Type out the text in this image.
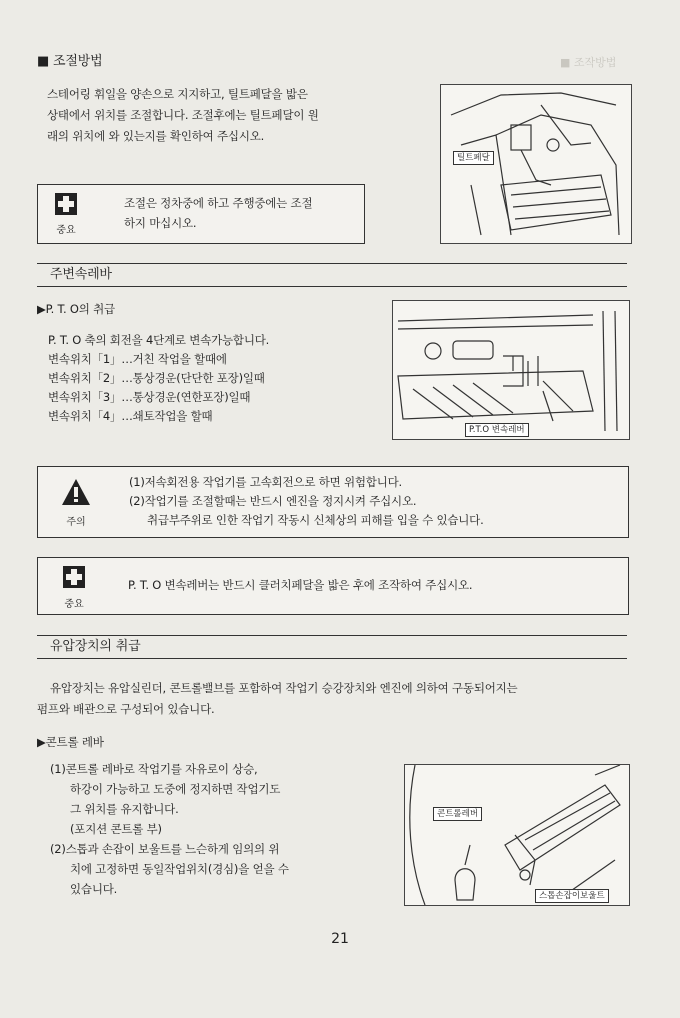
■ 조작방법
■ 조절방법
스테어링 휘일을 양손으로 지지하고, 틸트페달을 밟은
상태에서 위치를 조절합니다. 조절후에는 틸트페달이 원
래의 위치에 와 있는지를 확인하여 주십시오.
틸트페달
중요
조절은 정차중에 하고 주행중에는 조절
하지 마십시오.
주변속레바
▶P. T. O의 취급
P. T. O 축의 회전을 4단계로 변속가능합니다.
변속위치「1」…거친 작업을 할때에
변속위치「2」…통상경운(단단한 포장)일때
변속위치「3」…통상경운(연한포장)일때
변속위치「4」…쇄토작업을 할때
P.T.O 변속레버
주의
(1)저속회전용 작업기를 고속회전으로 하면 위험합니다.
(2)작업기를 조절할때는 반드시 엔진을 정지시켜 주십시오.
취급부주위로 인한 작업기 작동시 신체상의 피해를 입을 수 있습니다.
중요
P. T. O 변속레버는 반드시 클러치페달을 밟은 후에 조작하여 주십시오.
유압장치의 취급
유압장치는 유압실린더, 콘트롤밸브를 포함하여 작업기 승강장치와 엔진에 의하여 구동되어지는
펌프와 배관으로 구성되어 있습니다.
▶콘트롤 레바
(1)콘트롤 레바로 작업기를 자유로이 상승,
하강이 가능하고 도중에 정지하면 작업기도
그 위치를 유지합니다.
(포지션 콘트롤 부)
(2)스톱과 손잡이 보울트를 느슨하게 임의의 위
치에 고정하면 동일작업위치(경심)을 얻을 수
있습니다.
콘트롤레버
스톱손잡이보울트
21
